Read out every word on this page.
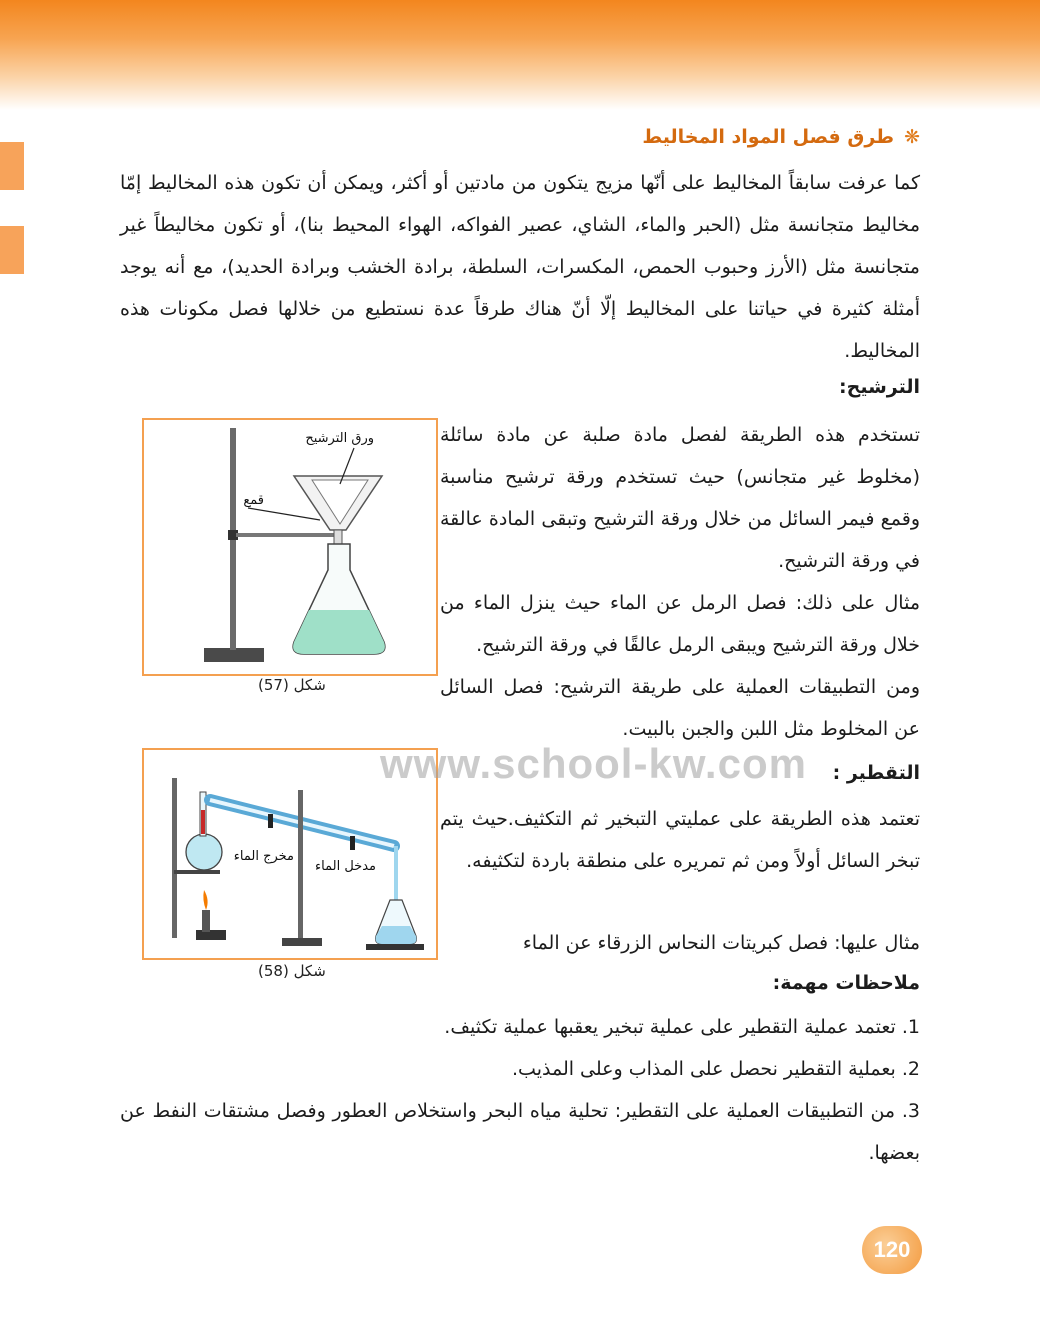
❋طرق فصل المواد المخاليط
كما عرفت سابقاً المخاليط على أنّها مزيج يتكون من مادتين أو أكثر، ويمكن أن تكون هذه المخاليط إمّا مخاليط متجانسة مثل (الحبر والماء، الشاي، عصير الفواكه، الهواء المحيط بنا)، أو تكون مخاليطاً غير متجانسة مثل (الأرز وحبوب الحمص، المكسرات، السلطة، برادة الخشب وبرادة الحديد)، مع أنه يوجد أمثلة كثيرة في حياتنا على المخاليط إلّا أنّ هناك طرقاً عدة نستطيع من خلالها فصل مكونات هذه المخاليط.
الترشيح:
تستخدم هذه الطريقة لفصل مادة صلبة عن مادة سائلة (مخلوط غير متجانس) حيث تستخدم ورقة ترشيح مناسبة وقمع فيمر السائل من خلال ورقة الترشيح وتبقى المادة عالقة في ورقة الترشيح.
مثال على ذلك: فصل الرمل عن الماء حيث ينزل الماء من خلال ورقة الترشيح ويبقى الرمل عالقًا في ورقة الترشيح.
ومن التطبيقات العملية على طريقة الترشيح: فصل السائل عن المخلوط مثل اللبن والجبن بالبيت.
ورق الترشيح
قمع
شكل (57)
التقطير :
تعتمد هذه الطريقة على عمليتي التبخير ثم التكثيف.حيث يتم تبخر السائل أولاً ومن ثم تمريره على منطقة باردة لتكثيفه.
مثال عليها: فصل كبريتات النحاس الزرقاء عن الماء
مخرج الماء
مدخل الماء
شكل (58)
www.school-kw.com
ملاحظات مهمة:
1. تعتمد عملية التقطير على عملية تبخير يعقبها عملية تكثيف.
2. بعملية التقطير نحصل على المذاب وعلى المذيب.
3. من التطبيقات العملية على التقطير: تحلية مياه البحر واستخلاص العطور وفصل مشتقات النفط عن بعضها.
120
